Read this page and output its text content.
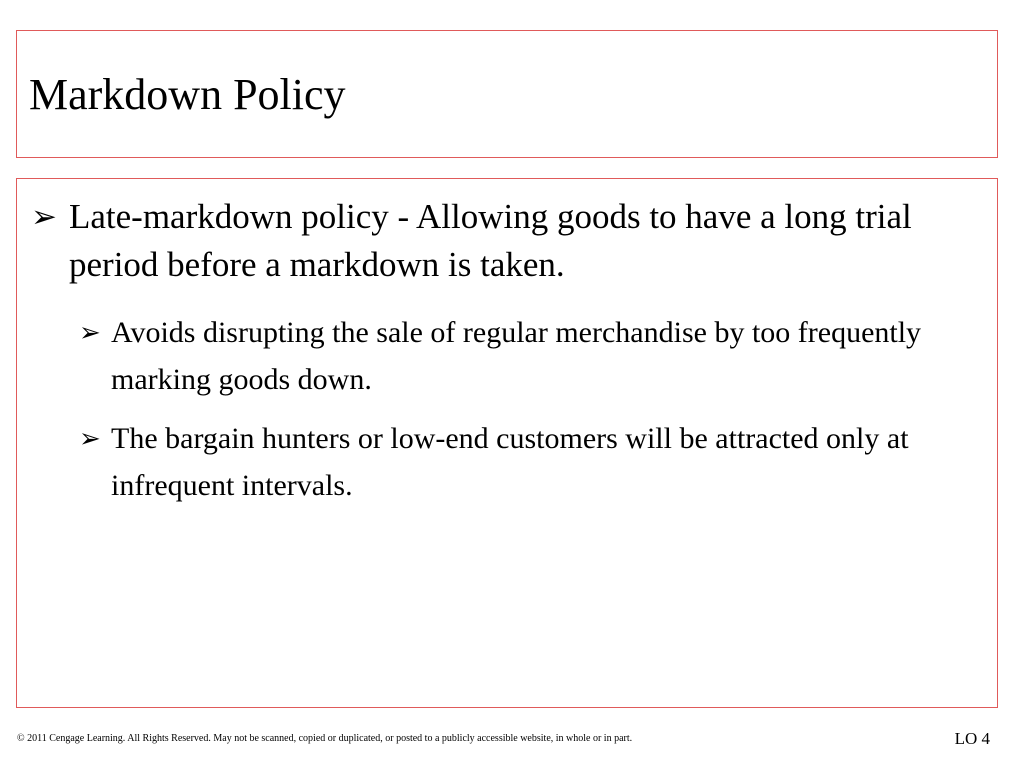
Markdown Policy
➢ Late-markdown policy - Allowing goods to have a long trial period before a markdown is taken.
➢ Avoids disrupting the sale of regular merchandise by too frequently marking goods down.
➢ The bargain hunters or low-end customers will be attracted only at infrequent intervals.
© 2011 Cengage Learning. All Rights Reserved. May not be scanned, copied or duplicated, or posted to a publicly accessible website, in whole or in part.	LO 4
